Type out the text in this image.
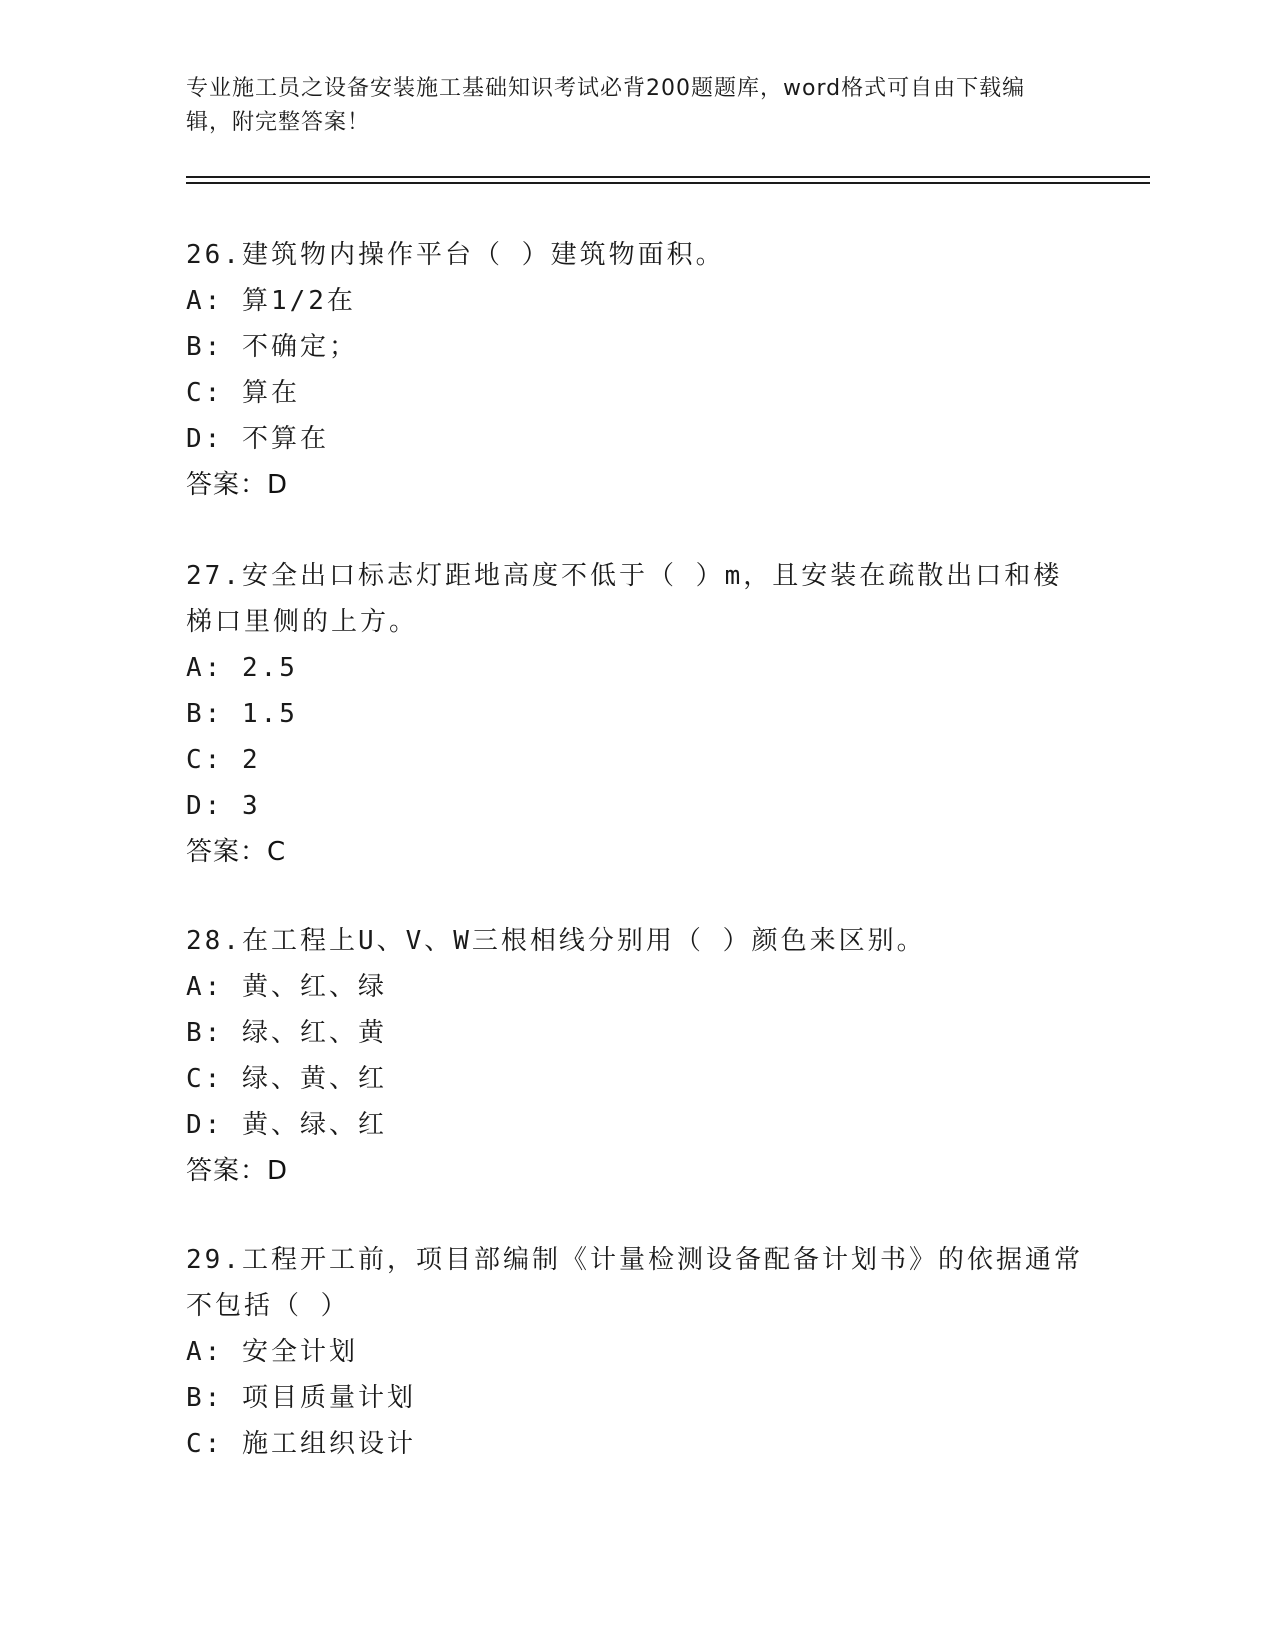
专业施工员之设备安装施工基础知识考试必背200题题库，word格式可自由下载编辑，附完整答案！

26.建筑物内操作平台（ ）建筑物面积。

A: 算1/2在
B: 不确定；
C: 算在
D: 不算在
答案：D

27.安全出口标志灯距地高度不低于（ ）m，且安装在疏散出口和楼梯口里侧的上方。

A: 2.5
B: 1.5
C: 2
D: 3
答案：C

28.在工程上U、V、W三根相线分别用（ ）颜色来区别。

A: 黄、红、绿
B: 绿、红、黄
C: 绿、黄、红
D: 黄、绿、红
答案：D

29.工程开工前，项目部编制《计量检测设备配备计划书》的依据通常不包括（ ）

A: 安全计划
B: 项目质量计划
C: 施工组织设计
